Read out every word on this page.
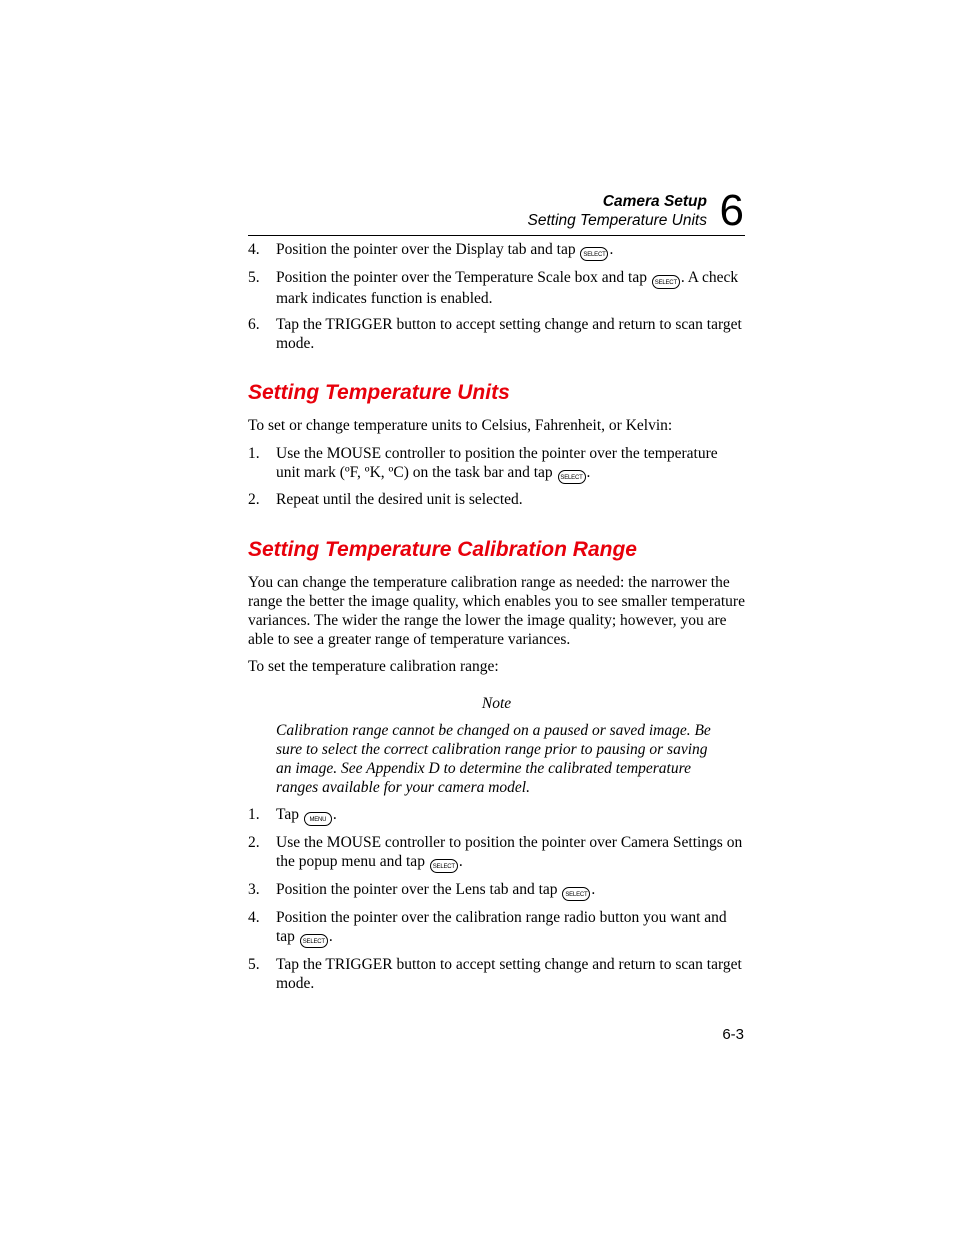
Camera Setup
Setting Temperature Units 6
4. Position the pointer over the Display tab and tap SELECT .
5. Position the pointer over the Temperature Scale box and tap SELECT . A check mark indicates function is enabled.
6. Tap the TRIGGER button to accept setting change and return to scan target mode.
Setting Temperature Units
To set or change temperature units to Celsius, Fahrenheit, or Kelvin:
1. Use the MOUSE controller to position the pointer over the temperature unit mark (ºF, ºK, ºC) on the task bar and tap SELECT .
2. Repeat until the desired unit is selected.
Setting Temperature Calibration Range
You can change the temperature calibration range as needed: the narrower the range the better the image quality, which enables you to see smaller temperature variances. The wider the range the lower the image quality; however, you are able to see a greater range of temperature variances.
To set the temperature calibration range:
Note
Calibration range cannot be changed on a paused or saved image. Be sure to select the correct calibration range prior to pausing or saving an image. See Appendix D to determine the calibrated temperature ranges available for your camera model.
1. Tap MENU .
2. Use the MOUSE controller to position the pointer over Camera Settings on the popup menu and tap SELECT .
3. Position the pointer over the Lens tab and tap SELECT .
4. Position the pointer over the calibration range radio button you want and tap SELECT .
5. Tap the TRIGGER button to accept setting change and return to scan target mode.
6-3
